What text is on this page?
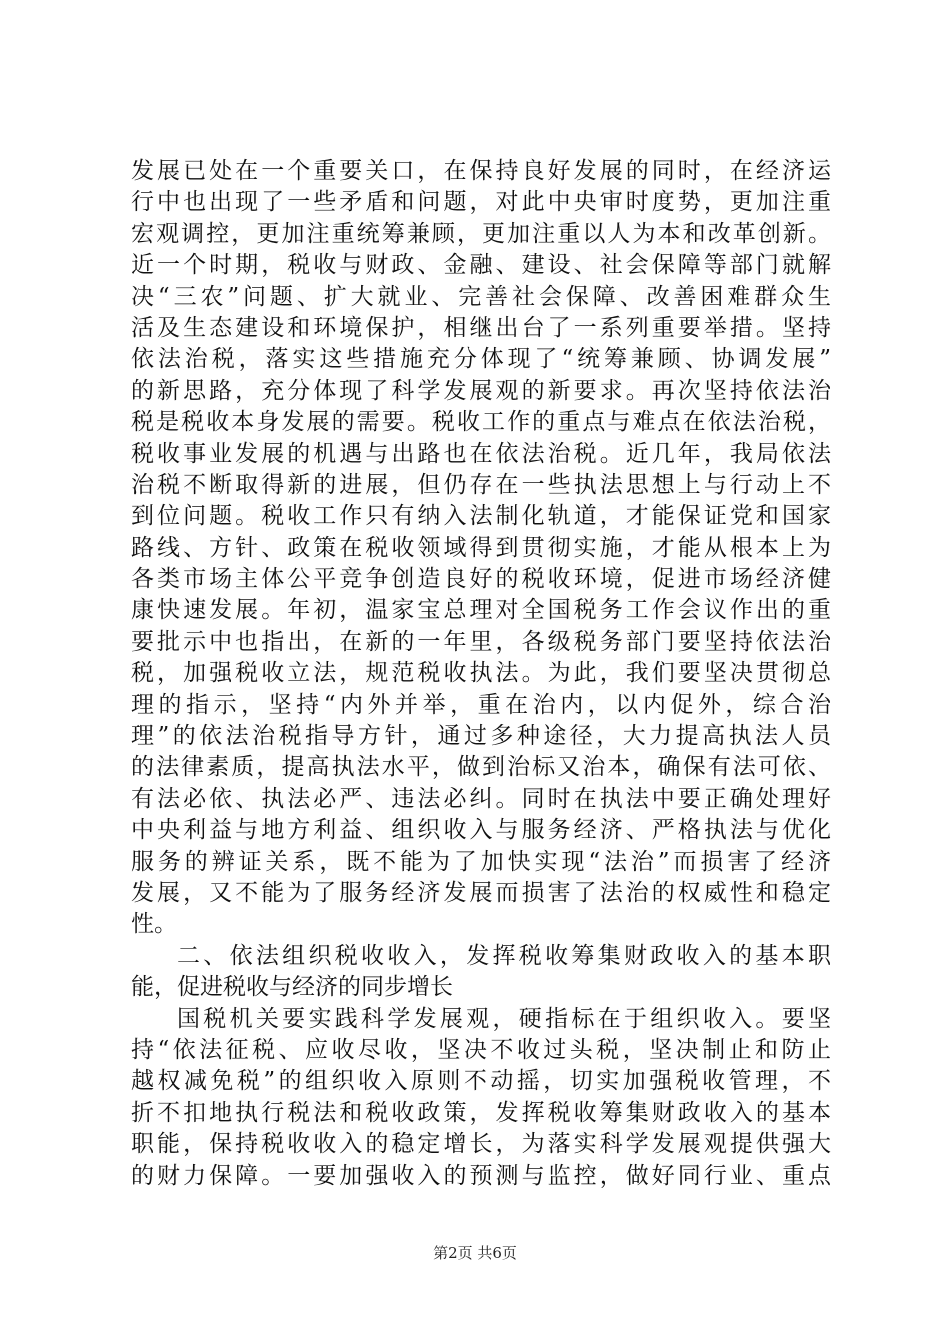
发展已处在一个重要关口，在保持良好发展的同时，在经济运
行中也出现了一些矛盾和问题，对此中央审时度势，更加注重
宏观调控，更加注重统筹兼顾，更加注重以人为本和改革创新。
近一个时期，税收与财政、金融、建设、社会保障等部门就解
决“三农”问题、扩大就业、完善社会保障、改善困难群众生
活及生态建设和环境保护，相继出台了一系列重要举措。坚持
依法治税，落实这些措施充分体现了“统筹兼顾、协调发展”
的新思路，充分体现了科学发展观的新要求。再次坚持依法治
税是税收本身发展的需要。税收工作的重点与难点在依法治税，
税收事业发展的机遇与出路也在依法治税。近几年，我局依法
治税不断取得新的进展，但仍存在一些执法思想上与行动上不
到位问题。税收工作只有纳入法制化轨道，才能保证党和国家
路线、方针、政策在税收领域得到贯彻实施，才能从根本上为
各类市场主体公平竞争创造良好的税收环境，促进市场经济健
康快速发展。年初，温家宝总理对全国税务工作会议作出的重
要批示中也指出，在新的一年里，各级税务部门要坚持依法治
税，加强税收立法，规范税收执法。为此，我们要坚决贯彻总
理的指示，坚持“内外并举，重在治内，以内促外，综合治
理”的依法治税指导方针，通过多种途径，大力提高执法人员
的法律素质，提高执法水平，做到治标又治本，确保有法可依、
有法必依、执法必严、违法必纠。同时在执法中要正确处理好
中央利益与地方利益、组织收入与服务经济、严格执法与优化
服务的辨证关系，既不能为了加快实现“法治”而损害了经济
发展，又不能为了服务经济发展而损害了法治的权威性和稳定
性。
二、依法组织税收收入，发挥税收筹集财政收入的基本职
能，促进税收与经济的同步增长
国税机关要实践科学发展观，硬指标在于组织收入。要坚
持“依法征税、应收尽收，坚决不收过头税，坚决制止和防止
越权减免税”的组织收入原则不动摇，切实加强税收管理，不
折不扣地执行税法和税收政策，发挥税收筹集财政收入的基本
职能，保持税收收入的稳定增长，为落实科学发展观提供强大
的财力保障。一要加强收入的预测与监控，做好同行业、重点
第2页 共6页
